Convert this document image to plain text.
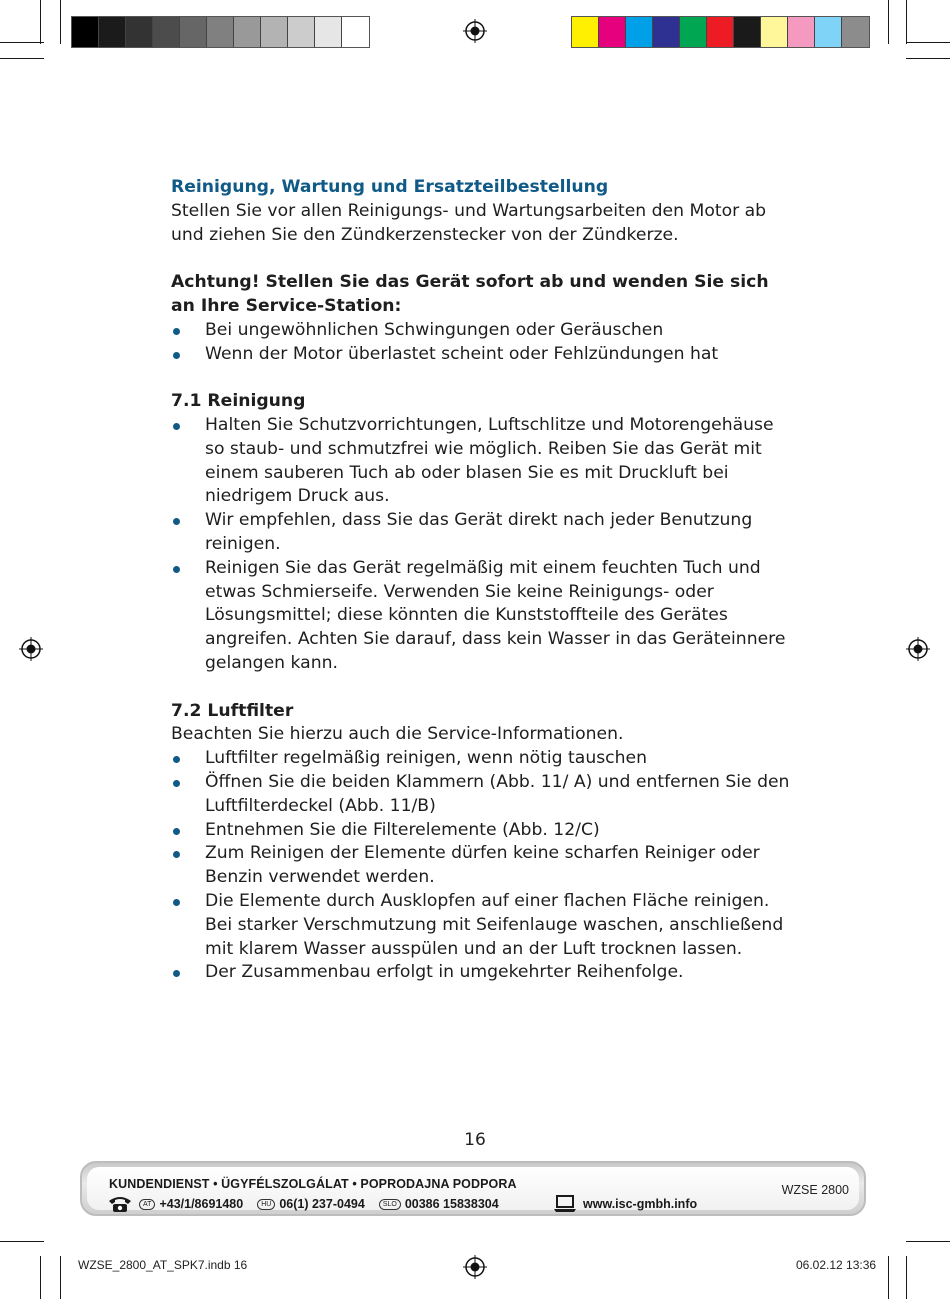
Reinigung, Wartung und Ersatzteilbestellung

Stellen Sie vor allen Reinigungs- und Wartungsarbeiten den Motor ab und ziehen Sie den Zündkerzenstecker von der Zündkerze.

Achtung! Stellen Sie das Gerät sofort ab und wenden Sie sich an Ihre Service-Station:

Bei ungewöhnlichen Schwingungen oder Geräuschen
Wenn der Motor überlastet scheint oder Fehlzündungen hat

7.1 Reinigung

Halten Sie Schutzvorrichtungen, Luftschlitze und Motorengehäuse so staub- und schmutzfrei wie möglich. Reiben Sie das Gerät mit einem sauberen Tuch ab oder blasen Sie es mit Druckluft bei niedrigem Druck aus.
Wir empfehlen, dass Sie das Gerät direkt nach jeder Benutzung reinigen.
Reinigen Sie das Gerät regelmäßig mit einem feuchten Tuch und etwas Schmierseife. Verwenden Sie keine Reinigungs- oder Lösungsmittel; diese könnten die Kunststoffteile des Gerätes angreifen. Achten Sie darauf, dass kein Wasser in das Geräteinnere gelangen kann.

7.2 Luftfilter

Beachten Sie hierzu auch die Service-Informationen.

Luftfilter regelmäßig reinigen, wenn nötig tauschen
Öffnen Sie die beiden Klammern (Abb. 11/ A) und entfernen Sie den Luftfilterdeckel (Abb. 11/B)
Entnehmen Sie die Filterelemente (Abb. 12/C)
Zum Reinigen der Elemente dürfen keine scharfen Reiniger oder Benzin verwendet werden.
Die Elemente durch Ausklopfen auf einer flachen Fläche reinigen. Bei starker Verschmutzung mit Seifenlauge waschen, anschließend mit klarem Wasser ausspülen und an der Luft trocknen lassen.
Der Zusammenbau erfolgt in umgekehrter Reihenfolge.
16
KUNDENDIENST • ÜGYFÉLSZOLGÁLAT • POPRODAJNA PODPORA
AT +43/1/8691480	HU 06(1) 237-0494	SLO 00386 15838304	www.isc-gmbh.info
WZSE 2800
WZSE_2800_AT_SPK7.indb 16	06.02.12 13:36
